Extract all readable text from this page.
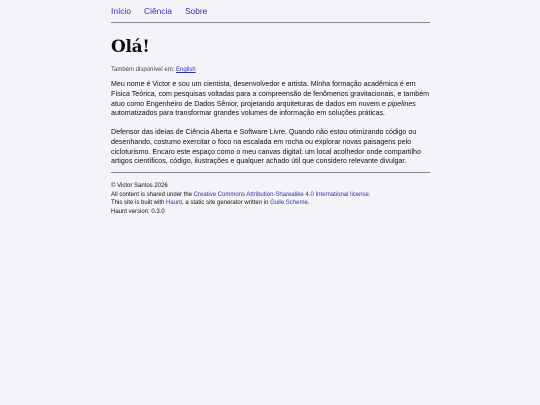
Início Ciência Sobre
Olá!
Também disponível em: English

Meu nome é Victor e sou um cientista, desenvolvedor e artista. Minha formação acadêmica é em Física Teórica, com pesquisas voltadas para a compreensão de fenômenos gravitacionais, e também atuo como Engenheiro de Dados Sênior, projetando arquiteturas de dados em nuvem e pipelines automatizados para transformar grandes volumes de informação em soluções práticas.

Defensor das ideias de Ciência Aberta e Software Livre. Quando não estou otimizando código ou desenhando, costumo exercitar o foco na escalada em rocha ou explorar novas paisagens pelo cicloturismo. Encaro este espaço como o meu canvas digital: um local acolhedor onde compartilho artigos científicos, código, ilustrações e qualquer achado útil que considero relevante divulgar.

© Victor Santos 2026
All content is shared under the Creative Commons Attribution-Sharealike 4.0 International license.
This site is built with Haunt, a static site generator written in Guile Scheme.
Haunt version: 0.3.0
